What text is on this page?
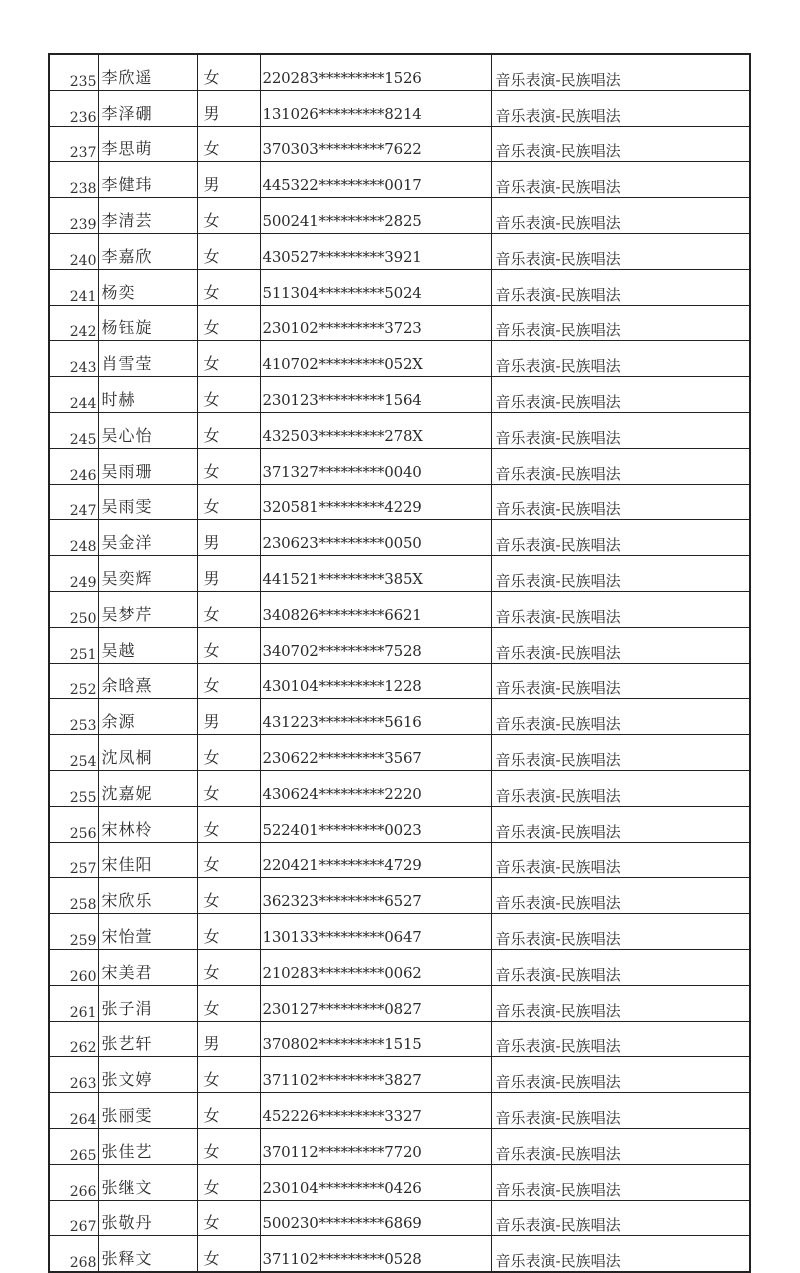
235	李欣遥	女	220283*********1526	音乐表演-民族唱法
236	李泽硼	男	131026*********8214	音乐表演-民族唱法
237	李思萌	女	370303*********7622	音乐表演-民族唱法
238	李健玮	男	445322*********0017	音乐表演-民族唱法
239	李清芸	女	500241*********2825	音乐表演-民族唱法
240	李嘉欣	女	430527*********3921	音乐表演-民族唱法
241	杨奕	女	511304*********5024	音乐表演-民族唱法
242	杨钰旋	女	230102*********3723	音乐表演-民族唱法
243	肖雪莹	女	410702*********052X	音乐表演-民族唱法
244	时赫	女	230123*********1564	音乐表演-民族唱法
245	吴心怡	女	432503*********278X	音乐表演-民族唱法
246	吴雨珊	女	371327*********0040	音乐表演-民族唱法
247	吴雨雯	女	320581*********4229	音乐表演-民族唱法
248	吴金洋	男	230623*********0050	音乐表演-民族唱法
249	吴奕辉	男	441521*********385X	音乐表演-民族唱法
250	吴梦芹	女	340826*********6621	音乐表演-民族唱法
251	吴越	女	340702*********7528	音乐表演-民族唱法
252	余晗熹	女	430104*********1228	音乐表演-民族唱法
253	余源	男	431223*********5616	音乐表演-民族唱法
254	沈凤桐	女	230622*********3567	音乐表演-民族唱法
255	沈嘉妮	女	430624*********2220	音乐表演-民族唱法
256	宋林柃	女	522401*********0023	音乐表演-民族唱法
257	宋佳阳	女	220421*********4729	音乐表演-民族唱法
258	宋欣乐	女	362323*********6527	音乐表演-民族唱法
259	宋怡萱	女	130133*********0647	音乐表演-民族唱法
260	宋美君	女	210283*********0062	音乐表演-民族唱法
261	张子涓	女	230127*********0827	音乐表演-民族唱法
262	张艺轩	男	370802*********1515	音乐表演-民族唱法
263	张文婷	女	371102*********3827	音乐表演-民族唱法
264	张丽雯	女	452226*********3327	音乐表演-民族唱法
265	张佳艺	女	370112*********7720	音乐表演-民族唱法
266	张继文	女	230104*********0426	音乐表演-民族唱法
267	张敬丹	女	500230*********6869	音乐表演-民族唱法
268	张释文	女	371102*********0528	音乐表演-民族唱法
